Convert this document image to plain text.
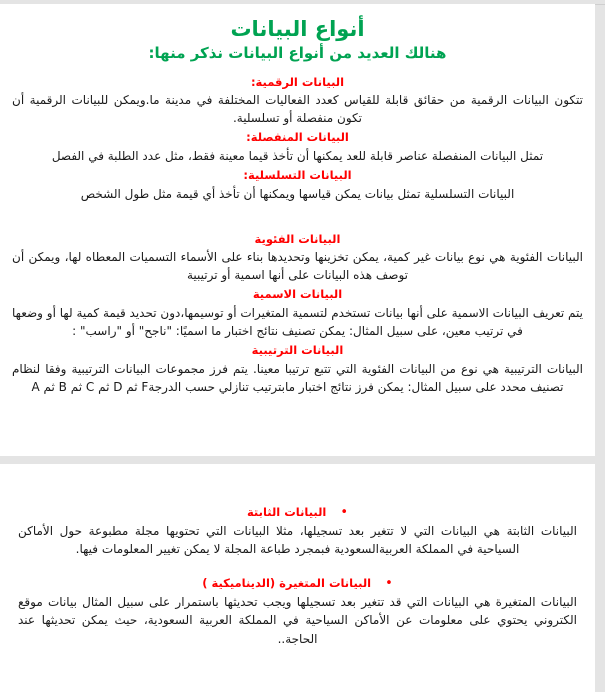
أنواع البيانات
هنالك العديد من أنواع البيانات نذكر منها:

البيانات الرقمية:

تتكون البيانات الرقمية من حقائق قابلة للقياس كعدد الفعاليات المختلفة في مدينة ما.ويمكن للبيانات الرقمية أن تكون منفصلة أو تسلسلية.

البيانات المنفصلة:

تمثل البيانات المنفصلة عناصر قابلة للعد يمكنها أن تأخذ قيما معينة فقط، مثل عدد الطلبة في الفصل

البيانات التسلسلية:

البيانات التسلسلية تمثل بيانات يمكن قياسها ويمكنها أن تأخذ أي قيمة مثل طول الشخص

البيانات الفئوية

البيانات الفئوية هي نوع بيانات غير كمية، يمكن تخزينها وتحديدها بناء على الأسماء التسميات المعطاه لها، ويمكن أن توصف هذه البيانات على أنها اسمية أو ترتيبية

البيانات الاسمية

يتم تعريف البيانات الاسمية على أنها بيانات تستخدم لتسمية المتغيرات أو توسيمها،دون تحديد قيمة كمية لها أو وضعها في ترتيب معين، على سبيل المثال: يمكن تصنيف نتائج اختبار ما اسميًا: "ناجح" أو "راسب" :

البيانات الترتيبية

البيانات الترتيبية هي نوع من البيانات الفئوية التي تتبع ترتيبا معينا. يتم فرز مجموعات البيانات الترتيبية وفقا لنظام تصنيف محدد على سبيل المثال: يمكن فرز نتائج اختبار مابترتيب تنازلي حسب الدرجةA ثم B ثم C ثم D ثم F

•
البيانات الثابتة

البيانات الثابتة هي البيانات التي لا تتغير بعد تسجيلها، مثلا البيانات التي تحتويها مجلة مطبوعة حول الأماكن السياحية في المملكة العربيةالسعودية فبمجرد طباعة المجلة لا يمكن تغيير المعلومات فيها.

•
البيانات المتغيرة (الديناميكية )

البيانات المتغيرة هي البيانات التي قد تتغير بعد تسجيلها ويجب تحديثها باستمرار على سبيل المثال بيانات موقع الكتروني يحتوي على معلومات عن الأماكن السياحية في المملكة العربية السعودية، حيث يمكن تحديثها عند الحاجة..
